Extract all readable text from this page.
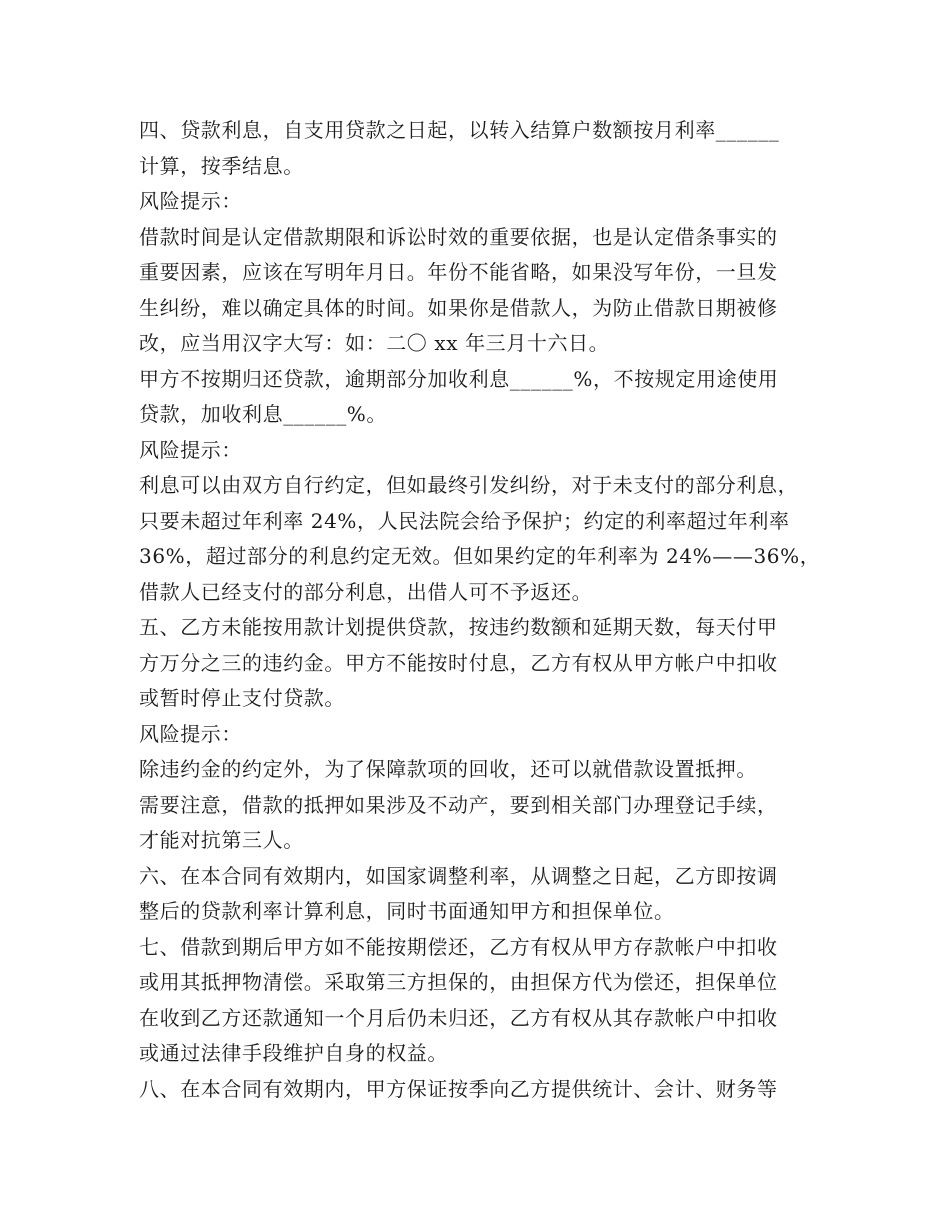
四、贷款利息，自支用贷款之日起，以转入结算户数额按月利率______
计算，按季结息。
风险提示：
借款时间是认定借款期限和诉讼时效的重要依据，也是认定借条事实的
重要因素，应该在写明年月日。年份不能省略，如果没写年份，一旦发
生纠纷，难以确定具体的时间。如果你是借款人，为防止借款日期被修
改，应当用汉字大写：如：二〇 xx 年三月十六日。
甲方不按期归还贷款，逾期部分加收利息______%，不按规定用途使用
贷款，加收利息______%。
风险提示：
利息可以由双方自行约定，但如最终引发纠纷，对于未支付的部分利息，
只要未超过年利率 24%，人民法院会给予保护；约定的利率超过年利率
36%，超过部分的利息约定无效。但如果约定的年利率为 24%——36%，
借款人已经支付的部分利息，出借人可不予返还。
五、乙方未能按用款计划提供贷款，按违约数额和延期天数，每天付甲
方万分之三的违约金。甲方不能按时付息，乙方有权从甲方帐户中扣收
或暂时停止支付贷款。
风险提示：
除违约金的约定外，为了保障款项的回收，还可以就借款设置抵押。
需要注意，借款的抵押如果涉及不动产，要到相关部门办理登记手续，
才能对抗第三人。
六、在本合同有效期内，如国家调整利率，从调整之日起，乙方即按调
整后的贷款利率计算利息，同时书面通知甲方和担保单位。
七、借款到期后甲方如不能按期偿还，乙方有权从甲方存款帐户中扣收
或用其抵押物清偿。采取第三方担保的，由担保方代为偿还，担保单位
在收到乙方还款通知一个月后仍未归还，乙方有权从其存款帐户中扣收
或通过法律手段维护自身的权益。
八、在本合同有效期内，甲方保证按季向乙方提供统计、会计、财务等
